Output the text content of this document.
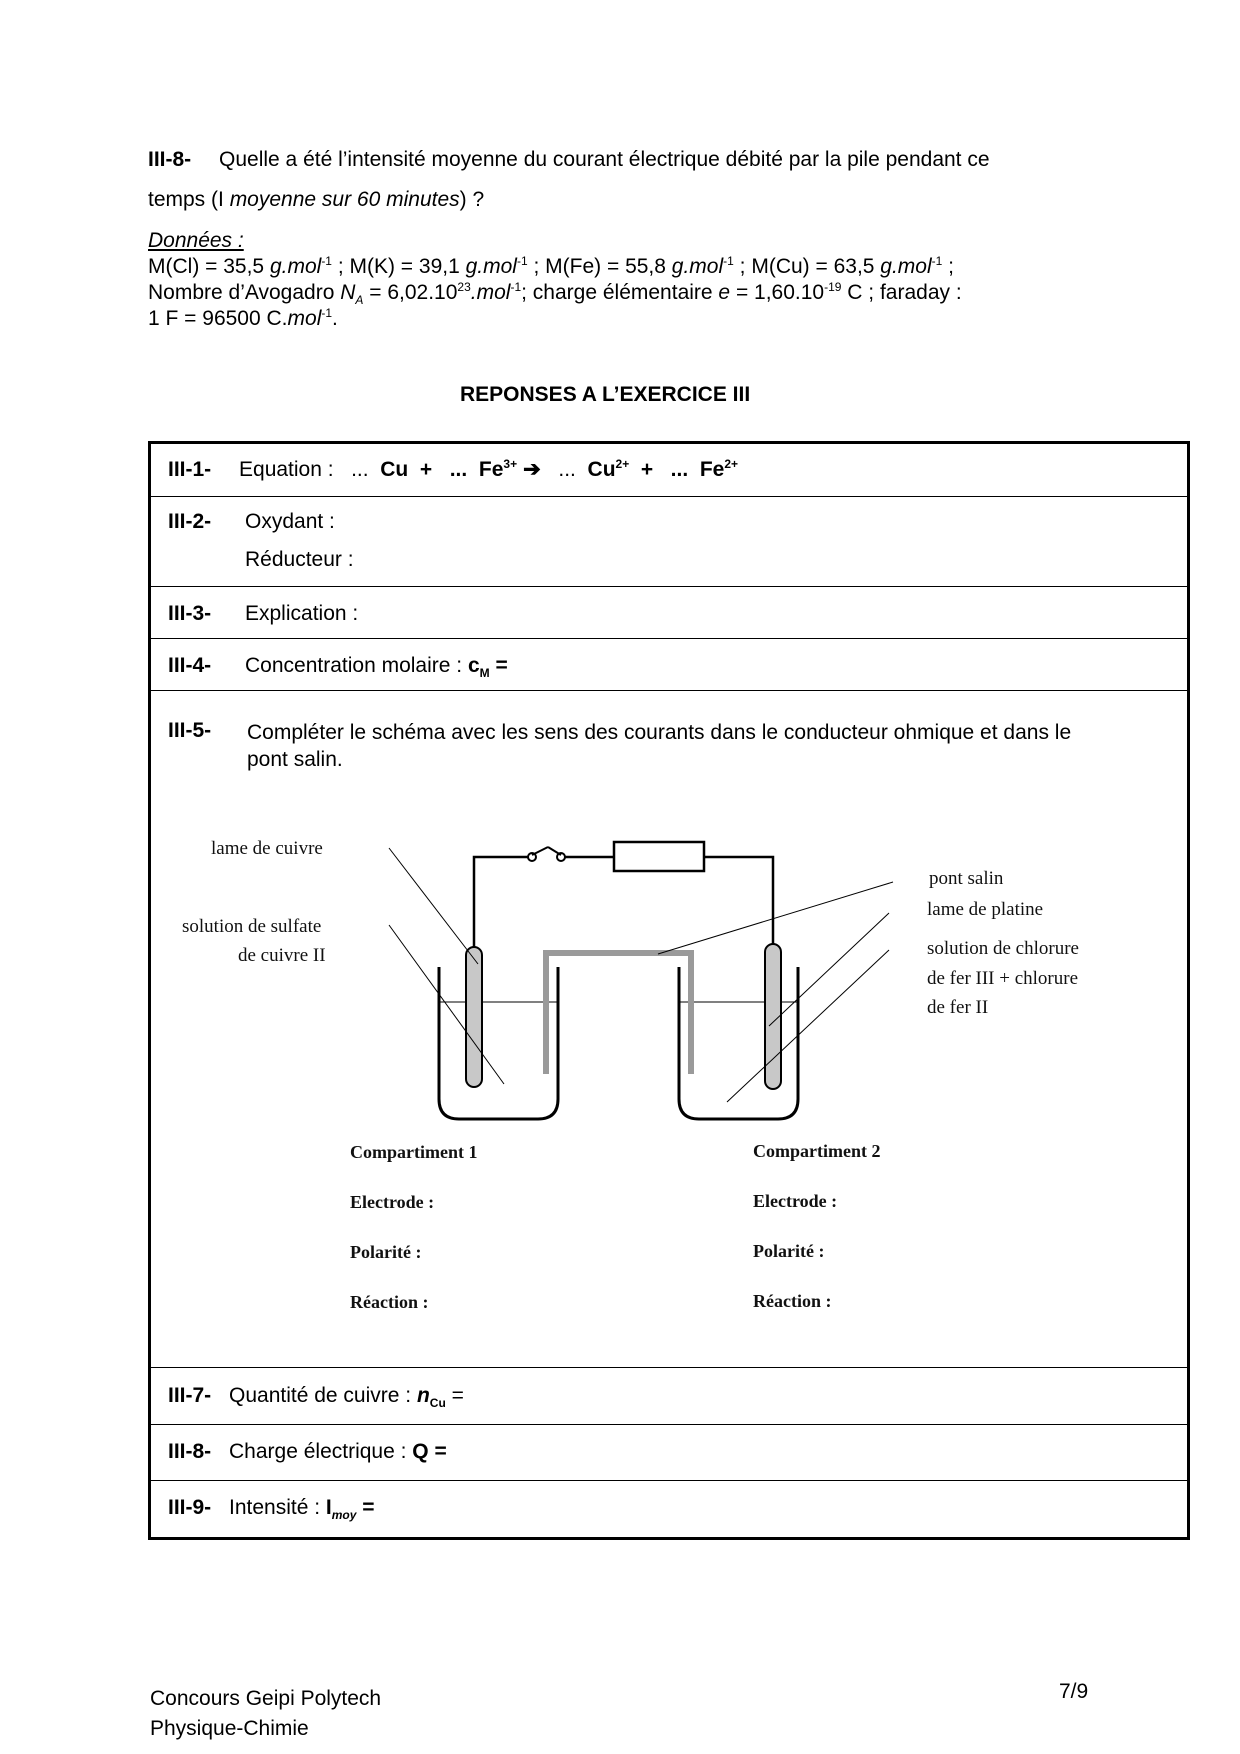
III-8- Quelle a été l’intensité moyenne du courant électrique débité par la pile pendant ce
temps (I moyenne sur 60 minutes) ?
Données :
M(Cl) = 35,5 g.mol$^{-1}$ ; M(K) = 39,1 g.mol$^{-1}$ ; M(Fe) = 55,8 g.mol$^{-1}$ ; M(Cu) = 63,5 g.mol$^{-1}$ ;
Nombre d’Avogadro $N_A = 6,02.10^{23}.mol^{-1}$; charge élémentaire $e = 1,60.10^{-19}$ C ; faraday :
1 F = 96500 C.mol$^{-1}$.
REPONSES A L’EXERCICE III
III-1- Equation :   ...  Cu  +   ...  $Fe^{3+}$ ➔  ...  $Cu^{2+}$  +   ...  $Fe^{2+}$
III-2- Oxydant :
Réducteur :
III-3- Explication :
III-4- Concentration molaire : $c_M$ =
III-5- Compléter le schéma avec les sens des courants dans le conducteur ohmique et dans le
pont salin.
lame de cuivre
solution de sulfate
de cuivre II
pont salin
lame de platine
solution de chlorure
de fer III + chlorure
de fer II
Compartiment 1
Electrode :
Polarité :
Réaction :
Compartiment 2
Electrode :
Polarité :
Réaction :
III-7- Quantité de cuivre : $n_{Cu}$ =
III-8- Charge électrique : Q =
III-9- Intensité : $I_{moy}$ =
Concours Geipi Polytech
Physique-Chimie
7/9
